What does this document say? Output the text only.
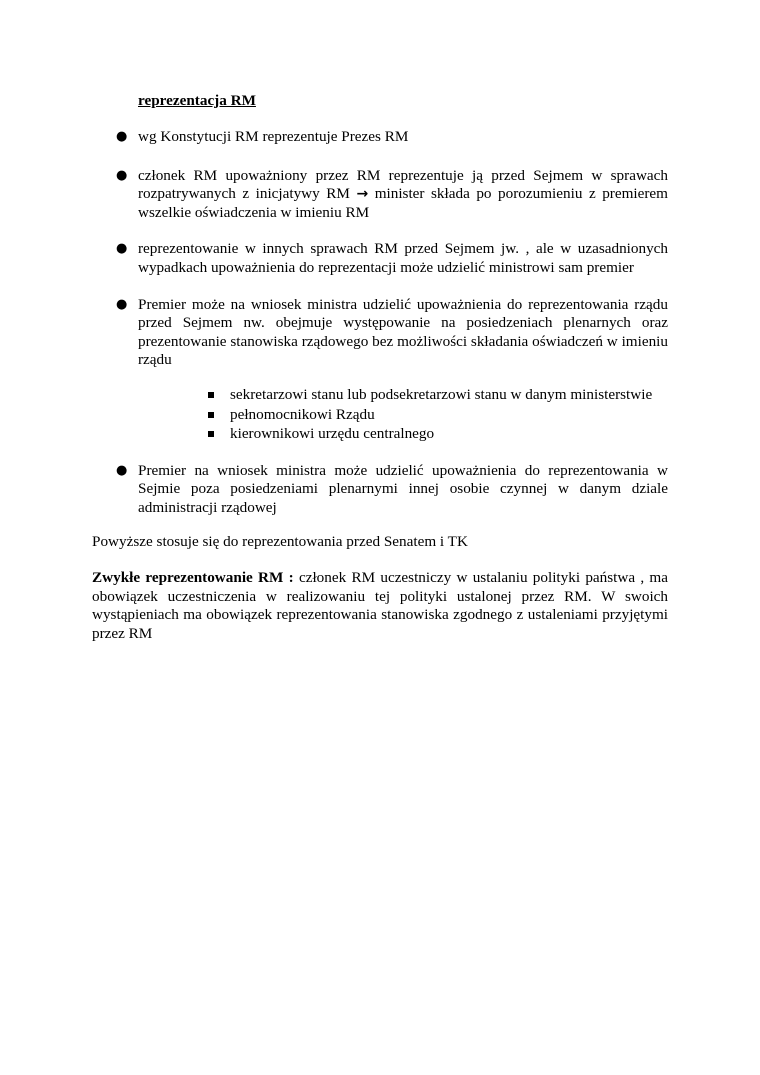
reprezentacja RM

● wg Konstytucji RM reprezentuje Prezes RM
● członek RM upoważniony przez RM reprezentuje ją przed Sejmem w sprawach rozpatrywanych z inicjatywy RM → minister składa po porozumieniu z premierem wszelkie oświadczenia w imieniu RM
● reprezentowanie w innych sprawach RM przed Sejmem jw. , ale w uzasadnionych wypadkach upoważnienia do reprezentacji może udzielić ministrowi sam premier
● Premier może na wniosek ministra udzielić upoważnienia do reprezentowania rządu przed Sejmem nw. obejmuje występowanie na posiedzeniach plenarnych oraz prezentowanie stanowiska rządowego bez możliwości składania oświadczeń w imieniu rządu
sekretarzowi stanu lub podsekretarzowi stanu w danym ministerstwie
pełnomocnikowi Rządu
kierownikowi urzędu centralnego
● Premier na wniosek ministra może udzielić upoważnienia do reprezentowania w Sejmie poza posiedzeniami plenarnymi innej osobie czynnej w danym dziale administracji rządowej

Powyższe stosuje się do reprezentowania przed Senatem i TK

Zwykłe reprezentowanie RM : członek RM uczestniczy w ustalaniu polityki państwa , ma obowiązek uczestniczenia w realizowaniu tej polityki ustalonej przez RM. W swoich wystąpieniach ma obowiązek reprezentowania stanowiska zgodnego z ustaleniami przyjętymi przez RM
